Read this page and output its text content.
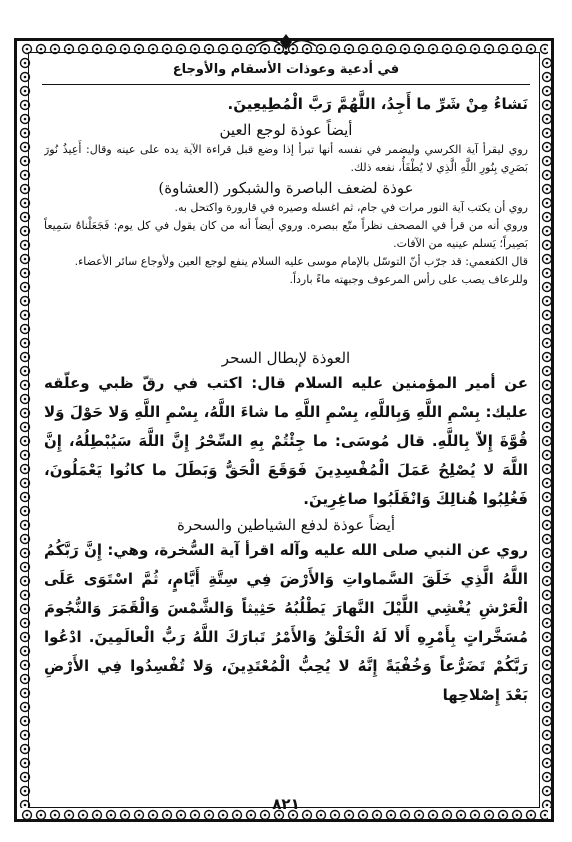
في أدعية وعوذات الأسقام والأوجاع

نَشاءُ مِنْ شَرِّ ما أَجِدُ، اللَّهُمَّ رَبَّ الْمُطِيعِينَ.

أيضاً عوذة لوجع العين

روي ليقرأ آية الكرسي وليضمر في نفسه أنها تبرأ إذا وضع قبل قراءة الآية يده على عينه وقال: أَعِيذُ نُورَ بَصَرِي بِنُورِ اللَّهِ الَّذِي لا يُطْفَأُ، نفعه ذلك.

عوذة لضعف الباصرة والشبكور (العشاوة)

روي أن يكتب آية النور مرات في جام، ثم اغسله وصيره في قارورة واكتحل به.

وروي أنه من قرأ في المصحف نظراً متّع ببصره. وروي أيضاً أنه من كان يقول في كل يوم: فَجَعَلْناهُ سَمِيعاً بَصِيراً؛ يَسلم عينيه من الآفات.

قال الكفعمي: قد جرّب أنّ التوسّل بالإمام موسى عليه السلام ينفع لوجع العين ولأوجاع سائر الأعضاء.

وللرعاف يصب على رأس المرعوف وجبهته ماءً بارداً.

العوذة لإبطال السحر

عن أمير المؤمنين عليه السلام قال: اكتب في رقّ ظبي وعلّقه عليك: بِسْمِ اللَّهِ وَبِاللَّهِ، بِسْمِ اللَّهِ ما شاءَ اللَّهُ، بِسْمِ اللَّهِ وَلا حَوْلَ وَلا قُوَّةَ إِلاّ بِاللَّهِ. قال مُوسَى: ما جِئْتُمْ بِهِ السِّحْرُ إِنَّ اللَّهَ سَيُبْطِلُهُ، إِنَّ اللَّهَ لا يُصْلِحُ عَمَلَ الْمُفْسِدِينَ فَوَقَعَ الْحَقُّ وَبَطَلَ ما كانُوا يَعْمَلُونَ، فَغُلِبُوا هُنالِكَ وَانْقَلَبُوا صاغِرِينَ.

أيضاً عوذة لدفع الشياطين والسحرة

روي عن النبي صلى الله عليه وآله اقرأ آية السُّخرة، وهي: إِنَّ رَبَّكُمُ اللَّهُ الَّذِي خَلَقَ السَّماواتِ وَالأَرْضَ فِي سِتَّةِ أَيَّامٍ، ثُمَّ اسْتَوَى عَلَى الْعَرْشِ يُغْشِي اللَّيْلَ النَّهارَ يَطْلُبُهُ حَثِيثاً وَالشَّمْسَ وَالْقَمَرَ وَالنُّجُومَ مُسَخَّراتٍ بِأَمْرِهِ أَلا لَهُ الْخَلْقُ وَالأَمْرُ تَبارَكَ اللَّهُ رَبُّ الْعالَمِينَ. ادْعُوا رَبَّكُمْ تَضَرُّعاً وَخُفْيَةً إِنَّهُ لا يُحِبُّ الْمُعْتَدِينَ، وَلا تُفْسِدُوا فِي الأَرْضِ بَعْدَ إِصْلاحِها

٨٢١
